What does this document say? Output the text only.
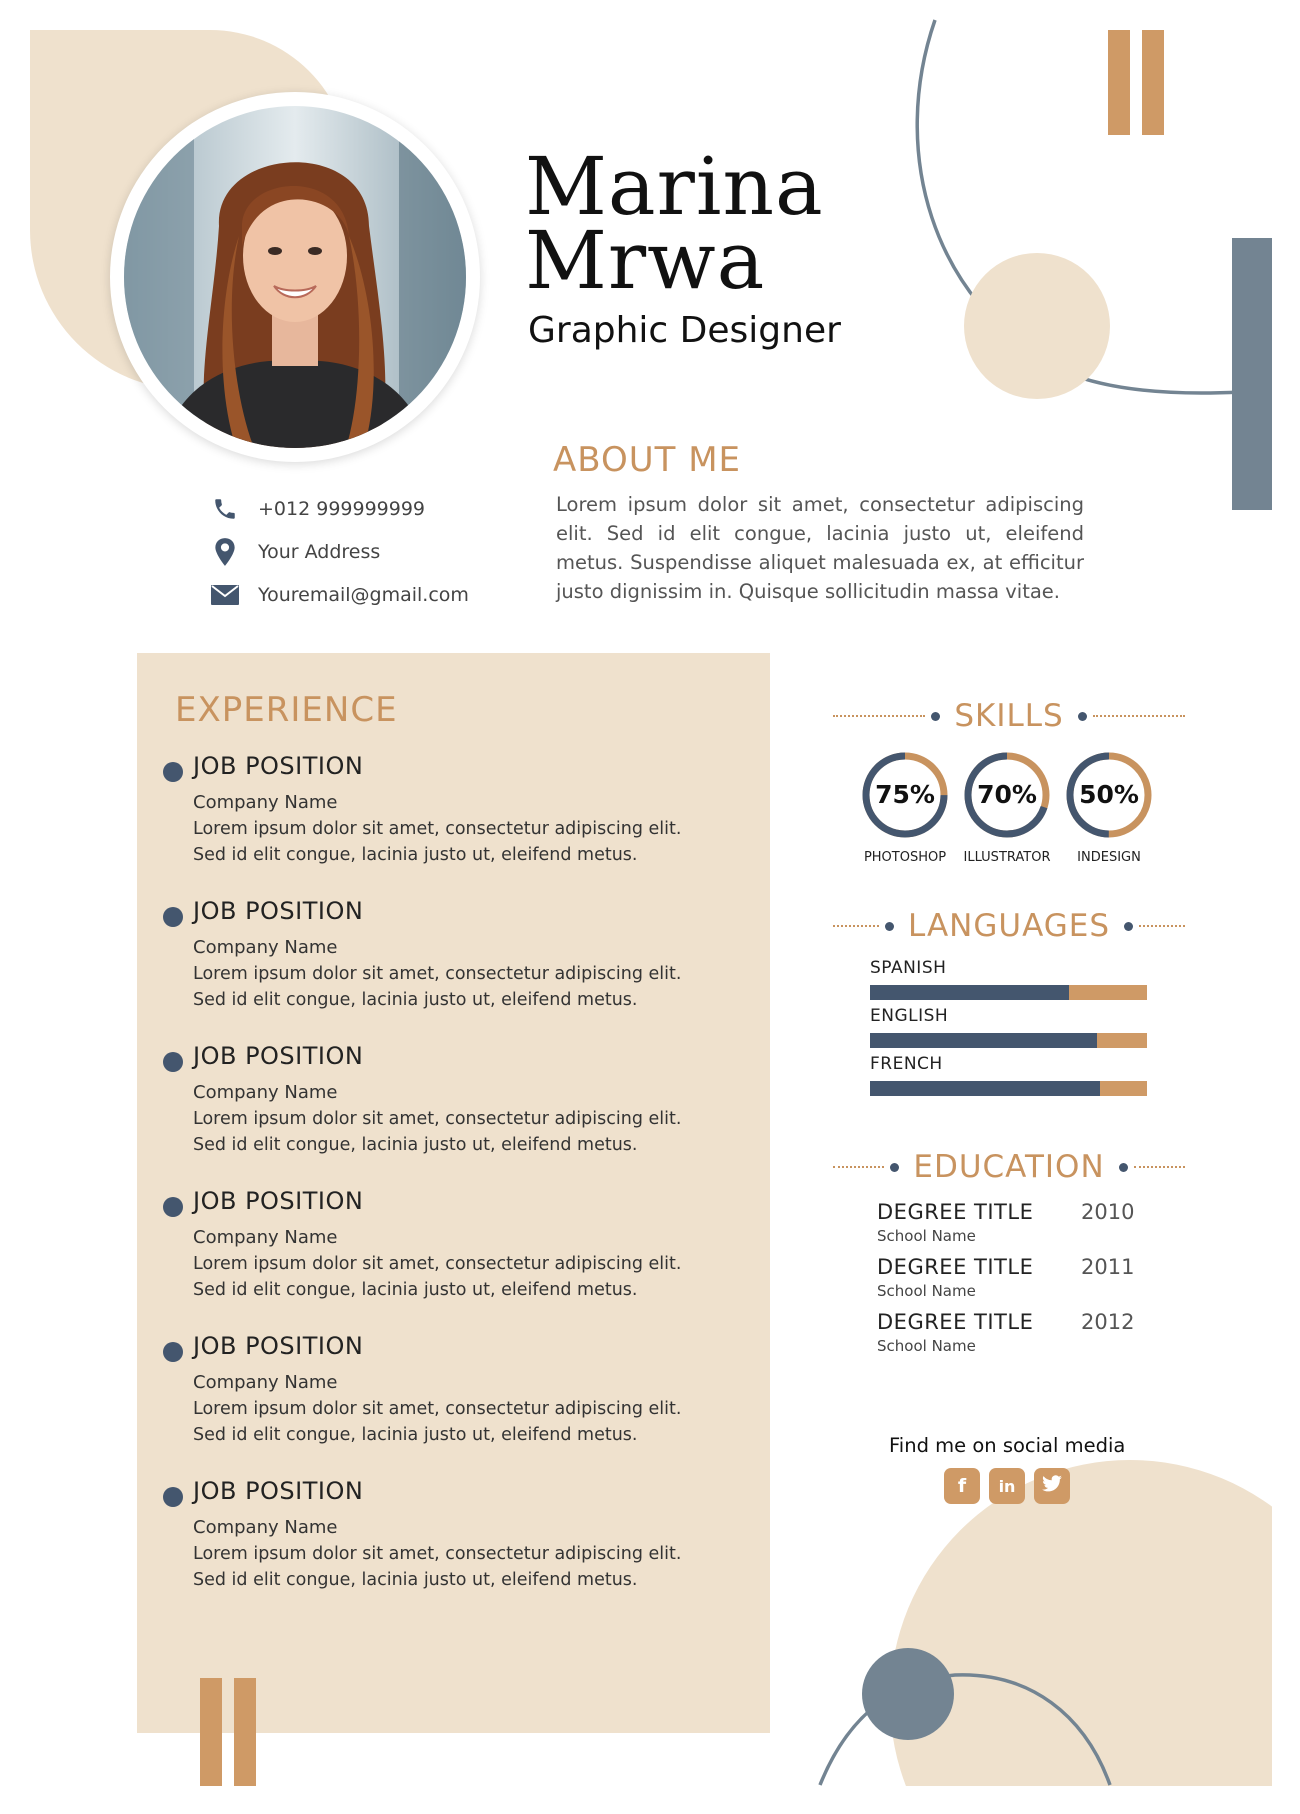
Marina
Mrwa
Graphic Designer
+012 999999999
Your Address
Youremail@gmail.com
ABOUT ME
Lorem ipsum dolor sit amet, consectetur adipiscing elit. Sed id elit congue, lacinia justo ut, eleifend metus. Suspendisse aliquet malesuada ex, at efficitur justo dignissim in. Quisque sollicitudin massa vitae.
EXPERIENCE
JOB POSITION
Company Name
Lorem ipsum dolor sit amet, consectetur adipiscing elit.
Sed id elit congue, lacinia justo ut, eleifend metus.
JOB POSITION
Company Name
Lorem ipsum dolor sit amet, consectetur adipiscing elit.
Sed id elit congue, lacinia justo ut, eleifend metus.
JOB POSITION
Company Name
Lorem ipsum dolor sit amet, consectetur adipiscing elit.
Sed id elit congue, lacinia justo ut, eleifend metus.
JOB POSITION
Company Name
Lorem ipsum dolor sit amet, consectetur adipiscing elit.
Sed id elit congue, lacinia justo ut, eleifend metus.
JOB POSITION
Company Name
Lorem ipsum dolor sit amet, consectetur adipiscing elit.
Sed id elit congue, lacinia justo ut, eleifend metus.
JOB POSITION
Company Name
Lorem ipsum dolor sit amet, consectetur adipiscing elit.
Sed id elit congue, lacinia justo ut, eleifend metus.
SKILLS
75%
PHOTOSHOP
70%
ILLUSTRATOR
50%
INDESIGN
LANGUAGES
SPANISH
ENGLISH
FRENCH
EDUCATION
DEGREE TITLE 2010
School Name
DEGREE TITLE 2011
School Name
DEGREE TITLE 2012
School Name
Find me on social media
f in
